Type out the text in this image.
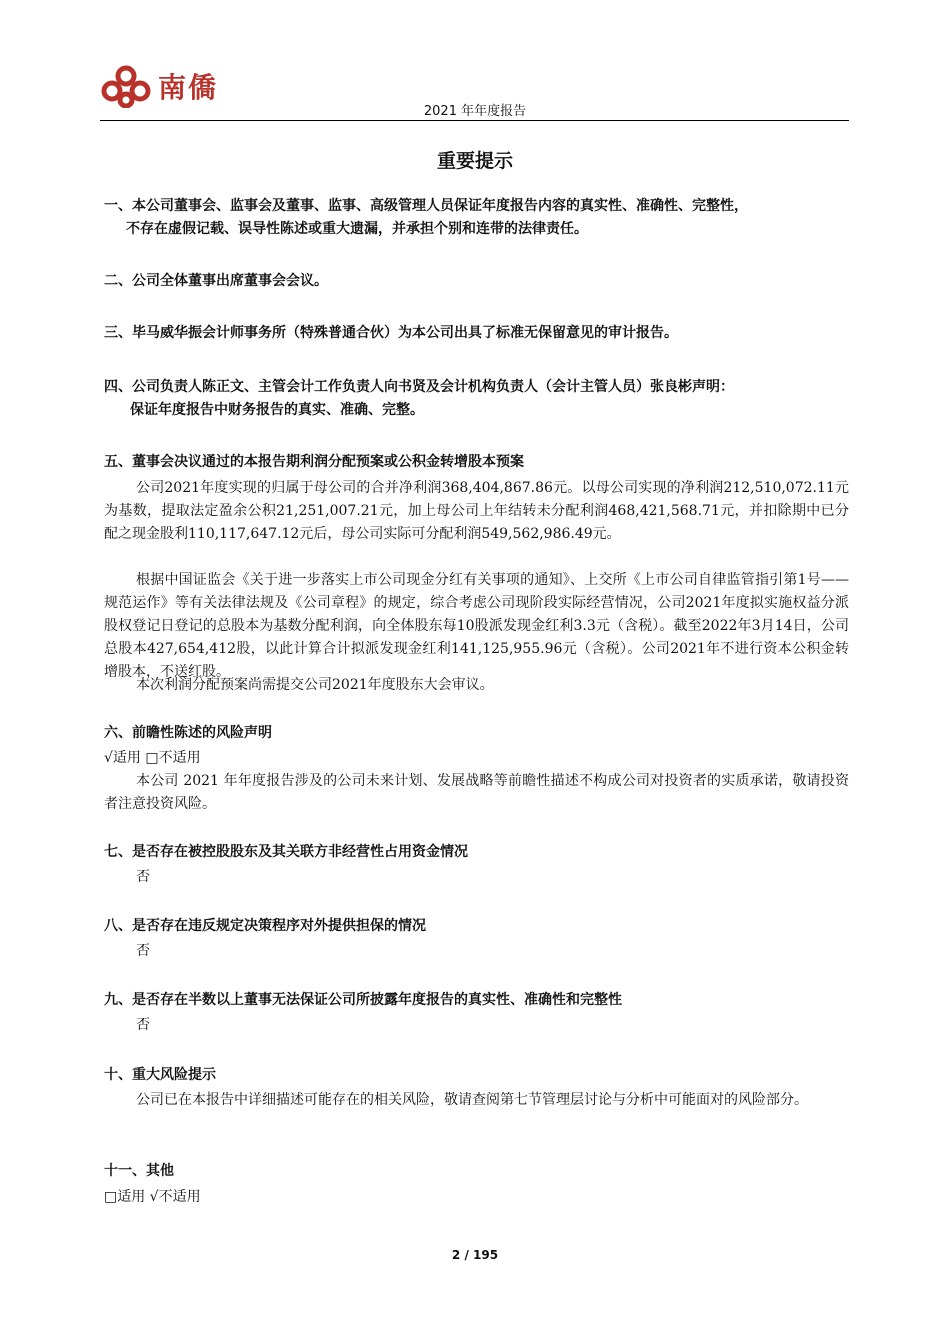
南僑
2021 年年度报告
重要提示
一、本公司董事会、监事会及董事、监事、高级管理人员保证年度报告内容的真实性、准确性、完整性，
不存在虚假记载、误导性陈述或重大遗漏，并承担个别和连带的法律责任。
二、公司全体董事出席董事会会议。
三、毕马威华振会计师事务所（特殊普通合伙）为本公司出具了标准无保留意见的审计报告。
四、公司负责人陈正文、主管会计工作负责人向书贤及会计机构负责人（会计主管人员）张良彬声明：
保证年度报告中财务报告的真实、准确、完整。
五、董事会决议通过的本报告期利润分配预案或公积金转增股本预案
公司2021年度实现的归属于母公司的合并净利润368,404,867.86元。以母公司实现的净利润212,510,072.11元为基数，提取法定盈余公积21,251,007.21元，加上母公司上年结转未分配利润468,421,568.71元，并扣除期中已分配之现金股利110,117,647.12元后，母公司实际可分配利润549,562,986.49元。
根据中国证监会《关于进一步落实上市公司现金分红有关事项的通知》、上交所《上市公司自律监管指引第1号——规范运作》等有关法律法规及《公司章程》的规定，综合考虑公司现阶段实际经营情况，公司2021年度拟实施权益分派股权登记日登记的总股本为基数分配利润，向全体股东每10股派发现金红利3.3元（含税）。截至2022年3月14日，公司总股本427,654,412股，以此计算合计拟派发现金红利141,125,955.96元（含税）。公司2021年不进行资本公积金转增股本，不送红股。
本次利润分配预案尚需提交公司2021年度股东大会审议。
六、前瞻性陈述的风险声明
√适用 □不适用
本公司 2021 年年度报告涉及的公司未来计划、发展战略等前瞻性描述不构成公司对投资者的实质承诺，敬请投资者注意投资风险。
七、是否存在被控股股东及其关联方非经营性占用资金情况
否
八、是否存在违反规定决策程序对外提供担保的情况
否
九、是否存在半数以上董事无法保证公司所披露年度报告的真实性、准确性和完整性
否
十、重大风险提示
公司已在本报告中详细描述可能存在的相关风险，敬请查阅第七节管理层讨论与分析中可能面对的风险部分。
十一、其他
□适用 √不适用
2 / 195
